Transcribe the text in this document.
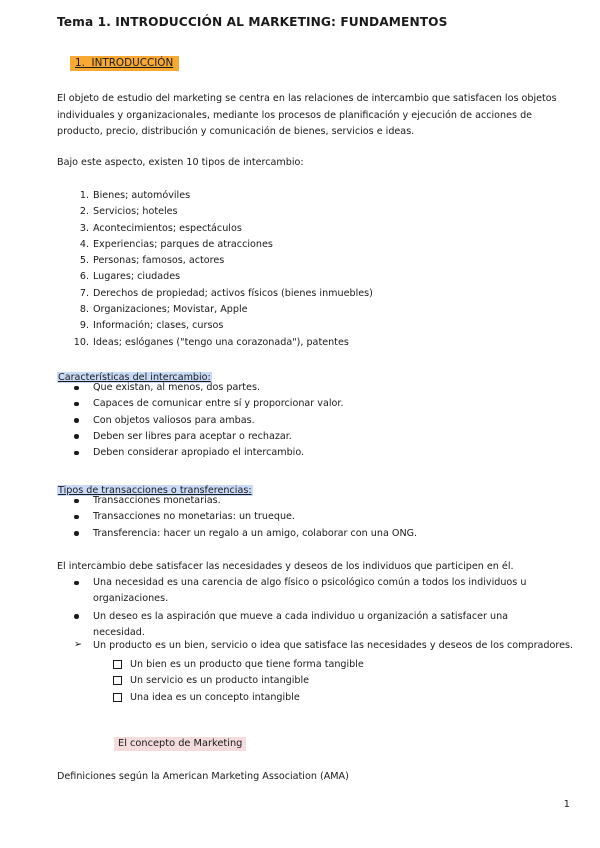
Tema 1. INTRODUCCIÓN AL MARKETING: FUNDAMENTOS
1. INTRODUCCIÓN
El objeto de estudio del marketing se centra en las relaciones de intercambio que satisfacen los objetos individuales y organizacionales, mediante los procesos de planificación y ejecución de acciones de producto, precio, distribución y comunicación de bienes, servicios e ideas.
Bajo este aspecto, existen 10 tipos de intercambio:
1. Bienes; automóviles
2. Servicios; hoteles
3. Acontecimientos; espectáculos
4. Experiencias; parques de atracciones
5. Personas; famosos, actores
6. Lugares; ciudades
7. Derechos de propiedad; activos físicos (bienes inmuebles)
8. Organizaciones; Movistar, Apple
9. Información; clases, cursos
10. Ideas; eslóganes ("tengo una corazonada"), patentes
Características del intercambio:
Que existan, al menos, dos partes.
Capaces de comunicar entre sí y proporcionar valor.
Con objetos valiosos para ambas.
Deben ser libres para aceptar o rechazar.
Deben considerar apropiado el intercambio.
Tipos de transacciones o transferencias:
Transacciones monetarias.
Transacciones no monetarias: un trueque.
Transferencia: hacer un regalo a un amigo, colaborar con una ONG.
El intercambio debe satisfacer las necesidades y deseos de los individuos que participen en él.
Una necesidad es una carencia de algo físico o psicológico común a todos los individuos u organizaciones.
Un deseo es la aspiración que mueve a cada individuo u organización a satisfacer una necesidad.
➢ Un producto es un bien, servicio o idea que satisface las necesidades y deseos de los compradores.
Un bien es un producto que tiene forma tangible
Un servicio es un producto intangible
Una idea es un concepto intangible
El concepto de Marketing
Definiciones según la American Marketing Association (AMA)
1
